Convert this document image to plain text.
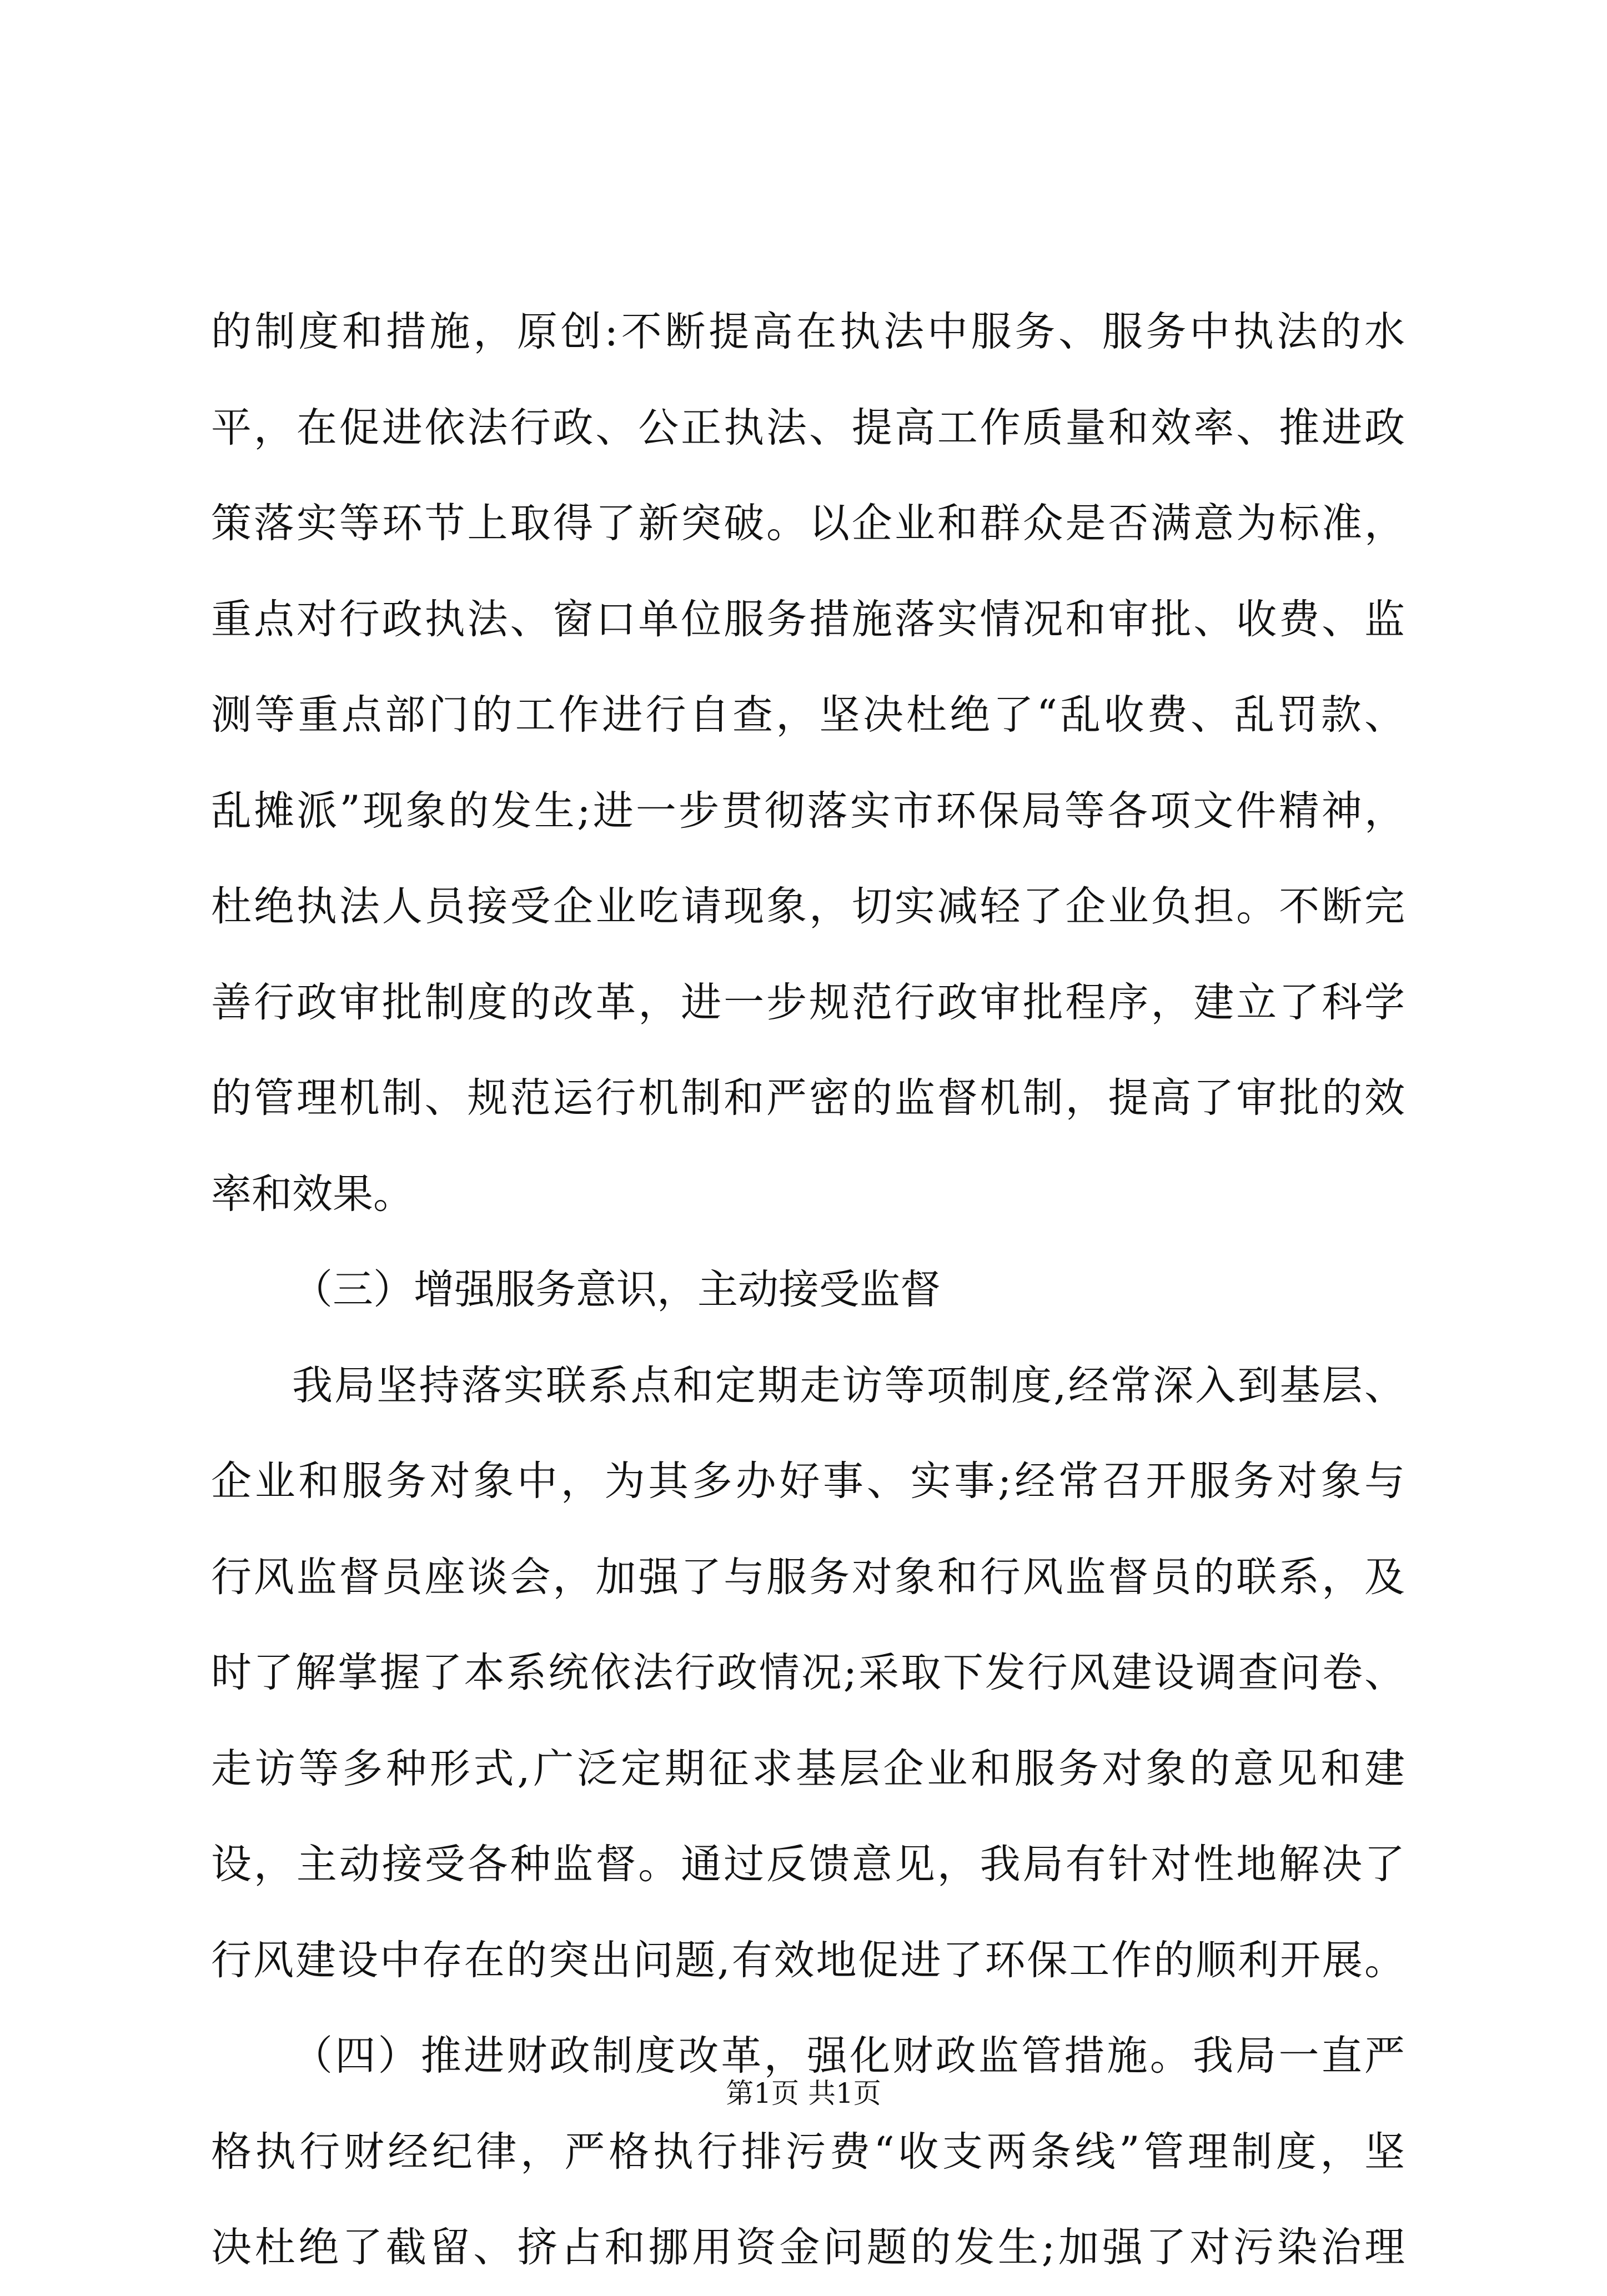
的制度和措施，原创:不断提高在执法中服务、服务中执法的水
平，在促进依法行政、公正执法、提高工作质量和效率、推进政
策落实等环节上取得了新突破。以企业和群众是否满意为标准，
重点对行政执法、窗口单位服务措施落实情况和审批、收费、监
测等重点部门的工作进行自查，坚决杜绝了“乱收费、乱罚款、
乱摊派”现象的发生;进一步贯彻落实市环保局等各项文件精神，
杜绝执法人员接受企业吃请现象，切实减轻了企业负担。不断完
善行政审批制度的改革，进一步规范行政审批程序，建立了科学
的管理机制、规范运行机制和严密的监督机制，提高了审批的效
率和效果。
（三）增强服务意识，主动接受监督
我局坚持落实联系点和定期走访等项制度,经常深入到基层、
企业和服务对象中，为其多办好事、实事;经常召开服务对象与
行风监督员座谈会，加强了与服务对象和行风监督员的联系，及
时了解掌握了本系统依法行政情况;采取下发行风建设调查问卷、
走访等多种形式,广泛定期征求基层企业和服务对象的意见和建
设，主动接受各种监督。通过反馈意见，我局有针对性地解决了
行风建设中存在的突出问题,有效地促进了环保工作的顺利开展。
（四）推进财政制度改革，强化财政监管措施。我局一直严
格执行财经纪律，严格执行排污费“收支两条线”管理制度，坚
决杜绝了截留、挤占和挪用资金问题的发生;加强了对污染治理
第1页 共1页
